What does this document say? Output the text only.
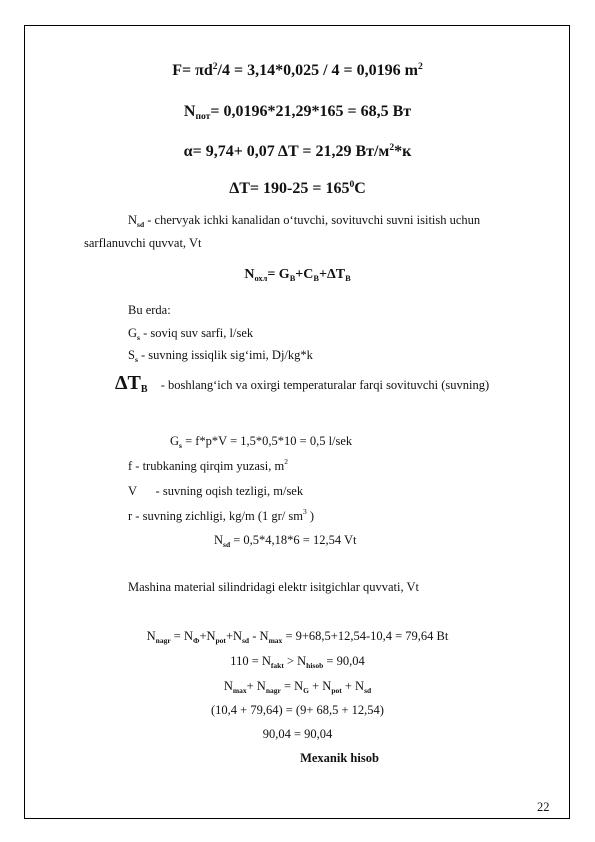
$F= \pi d^2/4 = 3,14*0,025 / 4 = 0,0196$ $m^2$
$N_{пот}= 0,0196*21,29*165 = 68,5$ Вт
α= 9,74+ 0,07 ΔT = 21,29 $Вт/м^2*к$
$\Delta T= 190-25 = 165^0C$
$N_{sd}$ - chervyak ichki kanalidan o‘tuvchi, sovituvchi suvni isitish uchun
sarflanuvchi quvvat, Vt
$N_{охл}= G_В+C_В+\Delta T_В$
Bu erda:
$G_s$ - soviq suv sarfi, l/sek
$S_s$ - suvning issiqlik sig‘imi, Dj/kg*k
$\Delta T_B$ - boshlang‘ich va oxirgi temperaturalar farqi sovituvchi (suvning)
$G_s = f*p*V = 1,5*0,5*10 = 0,5$ l/sek
f - trubkaning qirqim yuzasi, $m^2$
V      - suvning oqish tezligi, m/sek
r - suvning zichligi, kg/m (1 gr/ $sm^3$ )
$N_{sd} = 0,5*4,18*6 = 12,54$ Vt
Mashina material silindridagi elektr isitgichlar quvvati, Vt
$N_{nagr} = N_Ф+N_{pot}+N_{sd} - N_{max} = 9+68,5+12,54-10,4 = 79,64$ Вt
$110 = N_{fakt} > N_{hisob} = 90,04$
$N_{max}+ N_{nagr} = N_G + N_{pot} + N_{sd}$
(10,4 + 79,64) = (9+ 68,5 + 12,54)
90,04 = 90,04
Mexanik hisob
22
